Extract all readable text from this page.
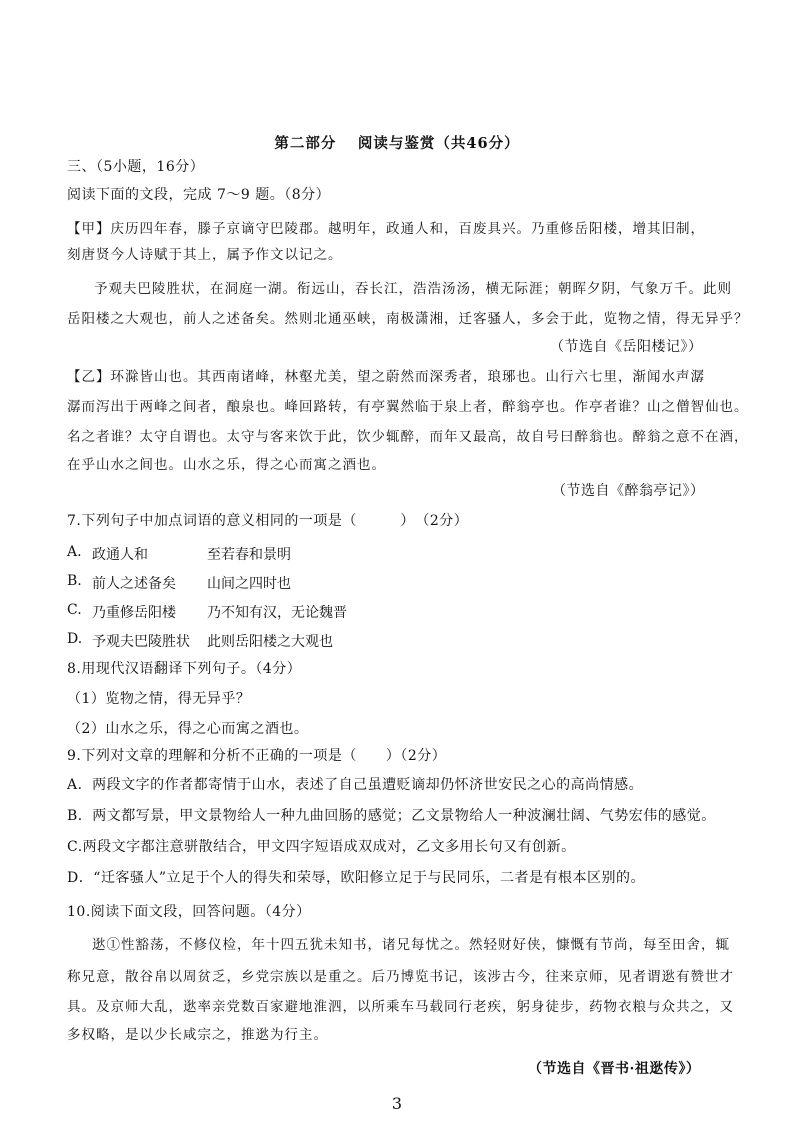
第二部分　 阅读与鉴赏（共46分）
三、（5小题，16分）
阅读下面的文段，完成 7～9 题。（8分）
【甲】庆历四年春，滕子京谪守巴陵郡。越明年，政通人和，百废具兴。乃重修岳阳楼，增其旧制，
刻唐贤今人诗赋于其上，属予作文以记之。
予观夫巴陵胜状，在洞庭一湖。衔远山，吞长江，浩浩汤汤，横无际涯；朝晖夕阴，气象万千。此则
岳阳楼之大观也，前人之述备矣。然则北通巫峡，南极潇湘，迁客骚人，多会于此，览物之情，得无异乎？
（节选自《岳阳楼记》）
【乙】环滁皆山也。其西南诸峰，林壑尤美，望之蔚然而深秀者，琅琊也。山行六七里，渐闻水声潺
潺而泻出于两峰之间者，酿泉也。峰回路转，有亭翼然临于泉上者，醉翁亭也。作亭者谁？山之僧智仙也。
名之者谁？太守自谓也。太守与客来饮于此，饮少辄醉，而年又最高，故自号曰醉翁也。醉翁之意不在酒，
在乎山水之间也。山水之乐，得之心而寓之酒也。
（节选自《醉翁亭记》）
7.下列句子中加点词语的意义相同的一项是（　　　）　（2分）
A. 政通人和	至若春和景明
B. 前人之述备矣 山间之四时也
C. 乃重修岳阳楼 乃不知有汉，无论魏晋
D. 予观夫巴陵胜状 此则岳阳楼之大观也
8.用现代汉语翻译下列句子。（4分）
（1）览物之情，得无异乎？
（2）山水之乐，得之心而寓之酒也。
9.下列对文章的理解和分析不正确的一项是（　　）（2分）
A．两段文字的作者都寄情于山水，表述了自己虽遭贬谪却仍怀济世安民之心的高尚情感。
B．两文都写景，甲文景物给人一种九曲回肠的感觉；乙文景物给人一种波澜壮阔、气势宏伟的感觉。
C.两段文字都注意骈散结合，甲文四字短语成双成对，乙文多用长句又有创新。
D．“迁客骚人”立足于个人的得失和荣辱，欧阳修立足于与民同乐，二者是有根本区别的。
10.阅读下面文段，回答问题。（4分）
逖①性豁荡，不修仪检，年十四五犹未知书，诸兄每忧之。然轻财好侠，慷慨有节尚，每至田舍，辄
称兄意，散谷帛以周贫乏，乡党宗族以是重之。后乃博览书记，该涉古今，往来京师，见者谓逖有赞世才
具。及京师大乱，逖率亲党数百家避地淮泗，以所乘车马载同行老疾，躬身徒步，药物衣粮与众共之，又
多权略，是以少长咸宗之，推逖为行主。
（节选自《晋书·祖逖传》）
3
